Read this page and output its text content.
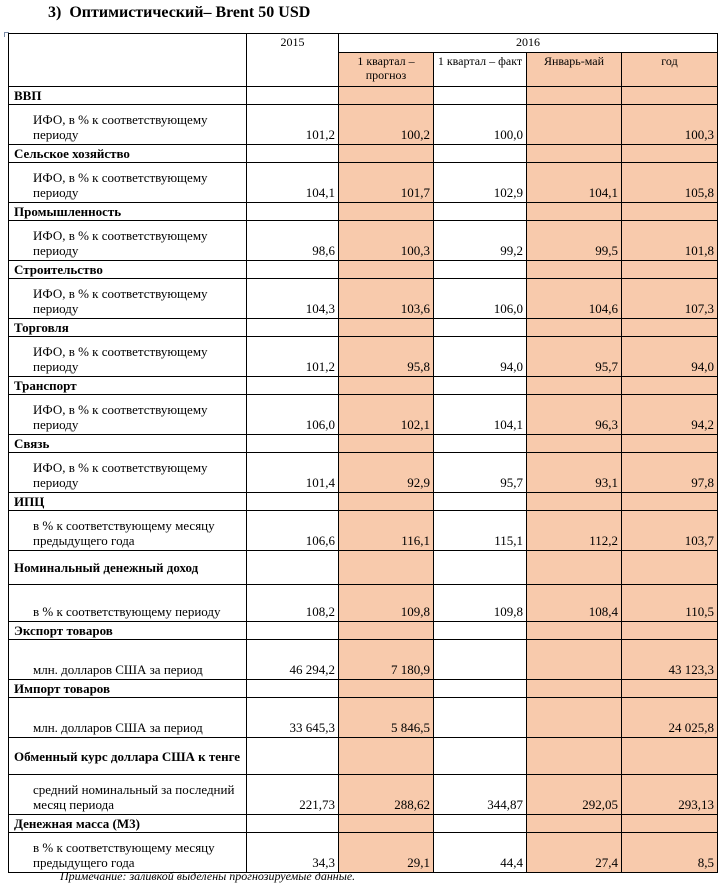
3) Оптимистический– Brent 50 USD
	2015	2016			
		1 квартал – прогноз	1 квартал – факт	Январь-май	год
ВВП					
ИФО, в % к соответствующему периоду	101,2	100,2	100,0		100,3
Сельское хозяйство					
ИФО, в % к соответствующему периоду	104,1	101,7	102,9	104,1	105,8
Промышленность					
ИФО, в % к соответствующему периоду	98,6	100,3	99,2	99,5	101,8
Строительство					
ИФО, в % к соответствующему периоду	104,3	103,6	106,0	104,6	107,3
Торговля					
ИФО, в % к соответствующему периоду	101,2	95,8	94,0	95,7	94,0
Транспорт					
ИФО, в % к соответствующему периоду	106,0	102,1	104,1	96,3	94,2
Связь					
ИФО, в % к соответствующему периоду	101,4	92,9	95,7	93,1	97,8
ИПЦ					
в % к соответствующему месяцу предыдущего года	106,6	116,1	115,1	112,2	103,7
Номинальный денежный доход					
в % к соответствующему периоду	108,2	109,8	109,8	108,4	110,5
Экспорт товаров					
млн. долларов США за период	46 294,2	7 180,9			43 123,3
Импорт товаров					
млн. долларов США за период	33 645,3	5 846,5			24 025,8
Обменный курс доллара США к тенге					
средний номинальный за последний месяц периода	221,73	288,62	344,87	292,05	293,13
Денежная масса (М3)					
в % к соответствующему месяцу предыдущего года	34,3	29,1	44,4	27,4	8,5
Примечание: заливкой выделены прогнозируемые данные.
